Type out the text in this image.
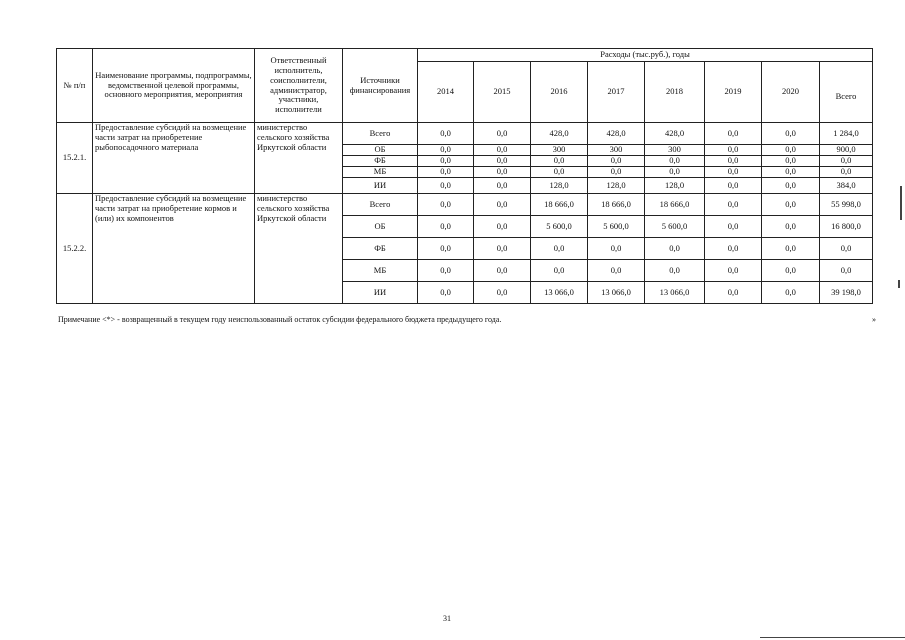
№ п/п	Наименование программы, подпрограммы, ведомственной целевой программы, основного мероприятия, мероприятия	Ответственный исполнитель, соисполнители, администратор, участники, исполнители	Источники финансирования	Расходы (тыс.руб.), годы							
				2014	2015	2016	2017	2018	2019	2020	Всего
15.2.1.	Предоставление субсидий на возмещение части затрат на приобретение рыбопосадочного материала	министерство сельского хозяйства Иркутской области	Всего	0,0	0,0	428,0	428,0	428,0	0,0	0,0	1 284,0
			ОБ	0,0	0,0	300	300	300	0,0	0,0	900,0
			ФБ	0,0	0,0	0,0	0,0	0,0	0,0	0,0	0,0
			МБ	0,0	0,0	0,0	0,0	0,0	0,0	0,0	0,0
			ИИ	0,0	0,0	128,0	128,0	128,0	0,0	0,0	384,0
15.2.2.	Предоставление субсидий на возмещение части затрат на приобретение кормов и (или) их компонентов	министерство сельского хозяйства Иркутской области	Всего	0,0	0,0	18 666,0	18 666,0	18 666,0	0,0	0,0	55 998,0
			ОБ	0,0	0,0	5 600,0	5 600,0	5 600,0	0,0	0,0	16 800,0
			ФБ	0,0	0,0	0,0	0,0	0,0	0,0	0,0	0,0
			МБ	0,0	0,0	0,0	0,0	0,0	0,0	0,0	0,0
			ИИ	0,0	0,0	13 066,0	13 066,0	13 066,0	0,0	0,0	39 198,0
Примечание <*> - возвращенный в текущем году неиспользованный остаток субсидии федерального бюджета предыдущего года.	»
31
